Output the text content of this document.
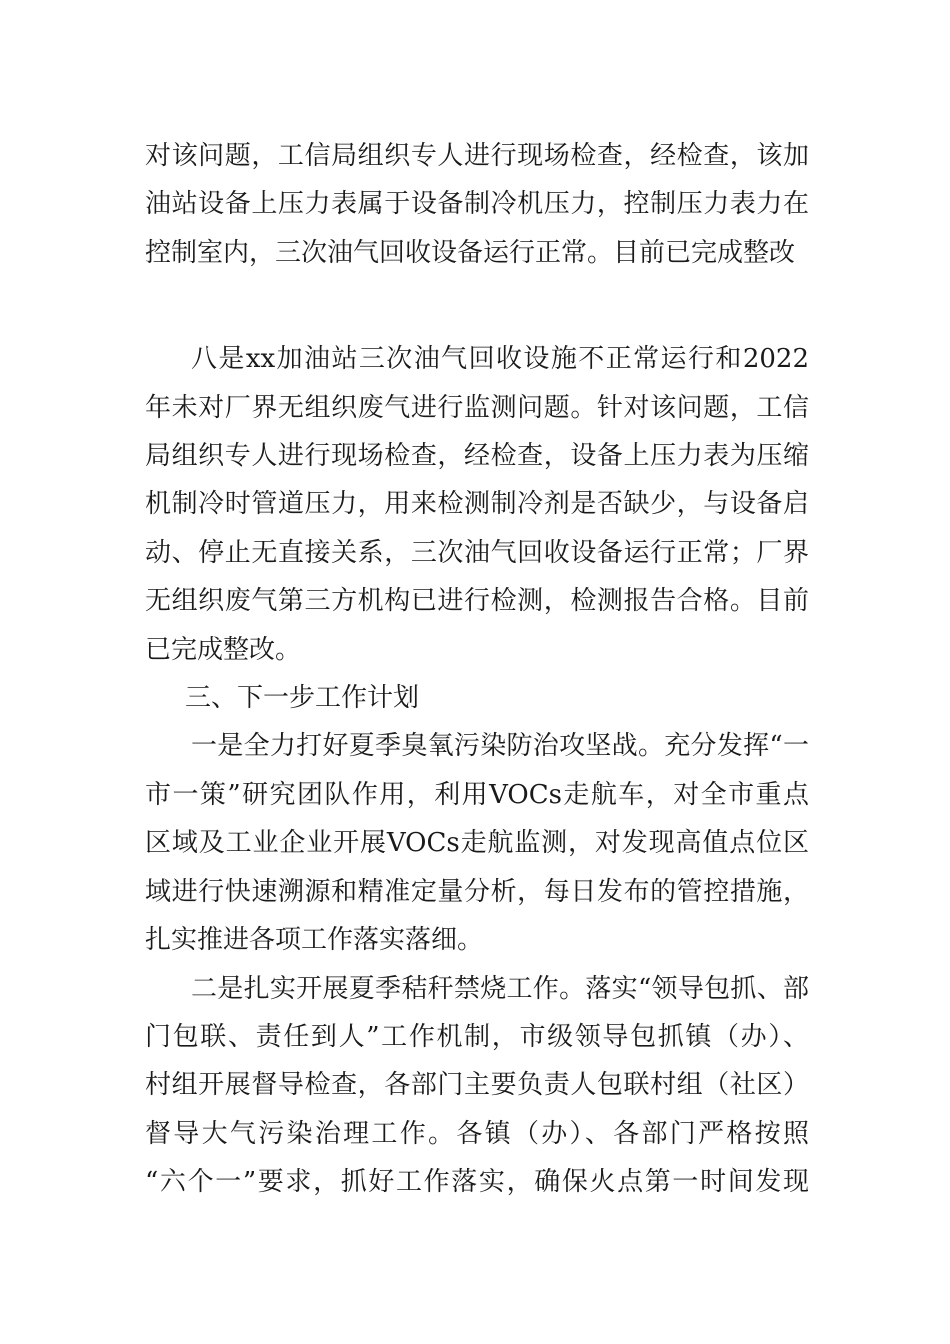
对该问题，工信局组织专人进行现场检查，经检查，该加
油站设备上压力表属于设备制冷机压力，控制压力表力在
控制室内，三次油气回收设备运行正常。目前已完成整改
八是xx加油站三次油气回收设施不正常运行和2022
年未对厂界无组织废气进行监测问题。针对该问题，工信
局组织专人进行现场检查，经检查，设备上压力表为压缩
机制冷时管道压力，用来检测制冷剂是否缺少，与设备启
动、停止无直接关系，三次油气回收设备运行正常；厂界
无组织废气第三方机构已进行检测，检测报告合格。目前
已完成整改。
三、下一步工作计划
一是全力打好夏季臭氧污染防治攻坚战。充分发挥“一
市一策”研究团队作用，利用VOCs走航车，对全市重点
区域及工业企业开展VOCs走航监测，对发现高值点位区
域进行快速溯源和精准定量分析，每日发布的管控措施，
扎实推进各项工作落实落细。
二是扎实开展夏季秸秆禁烧工作。落实“领导包抓、部
门包联、责任到人”工作机制，市级领导包抓镇（办）、
村组开展督导检查，各部门主要负责人包联村组（社区）
督导大气污染治理工作。各镇（办）、各部门严格按照
“六个一”要求，抓好工作落实，确保火点第一时间发现
